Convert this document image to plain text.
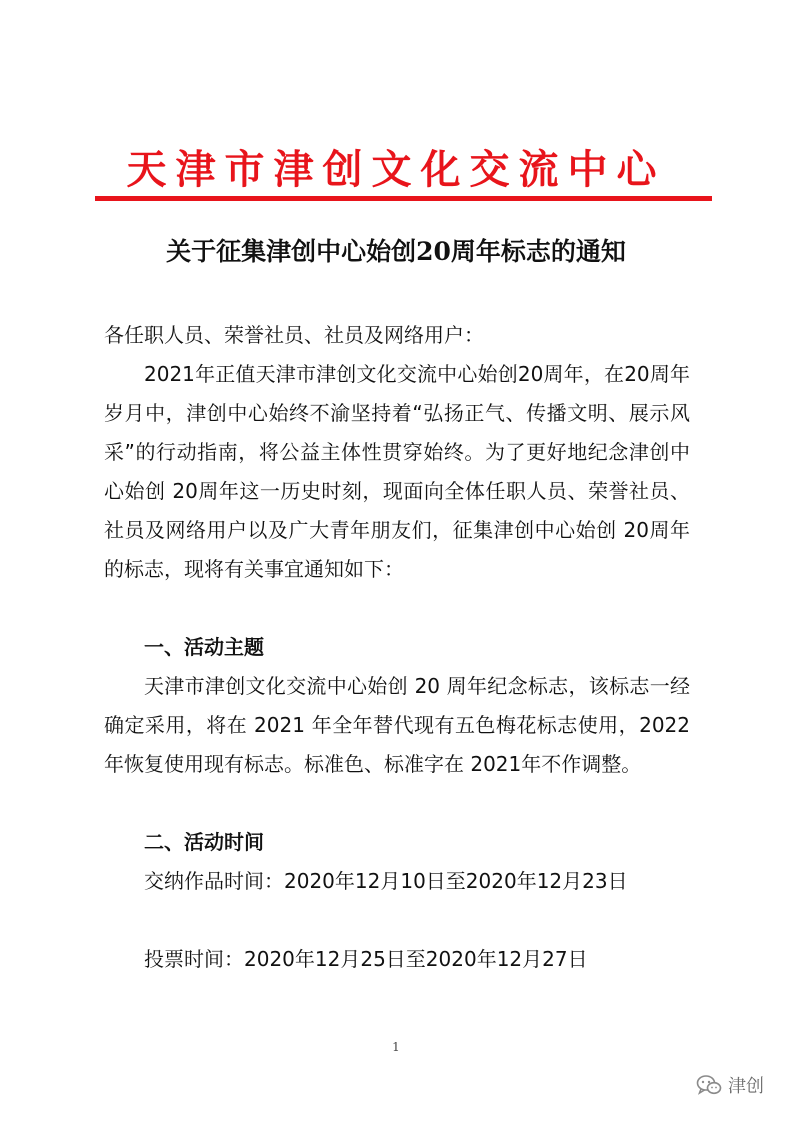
天津市津创文化交流中心
关于征集津创中心始创20周年标志的通知
各任职人员、荣誉社员、社员及网络用户：
2021年正值天津市津创文化交流中心始创20周年，在20周年岁月中，津创中心始终不渝坚持着“弘扬正气、传播文明、展示风采”的行动指南，将公益主体性贯穿始终。为了更好地纪念津创中心始创 20周年这一历史时刻，现面向全体任职人员、荣誉社员、社员及网络用户以及广大青年朋友们，征集津创中心始创 20周年的标志，现将有关事宜通知如下：
一、活动主题
天津市津创文化交流中心始创 20 周年纪念标志，该标志一经确定采用，将在 2021 年全年替代现有五色梅花标志使用，2022 年恢复使用现有标志。标准色、标准字在 2021年不作调整。
二、活动时间
交纳作品时间：2020年12月10日至2020年12月23日
投票时间：2020年12月25日至2020年12月27日
1
津创
